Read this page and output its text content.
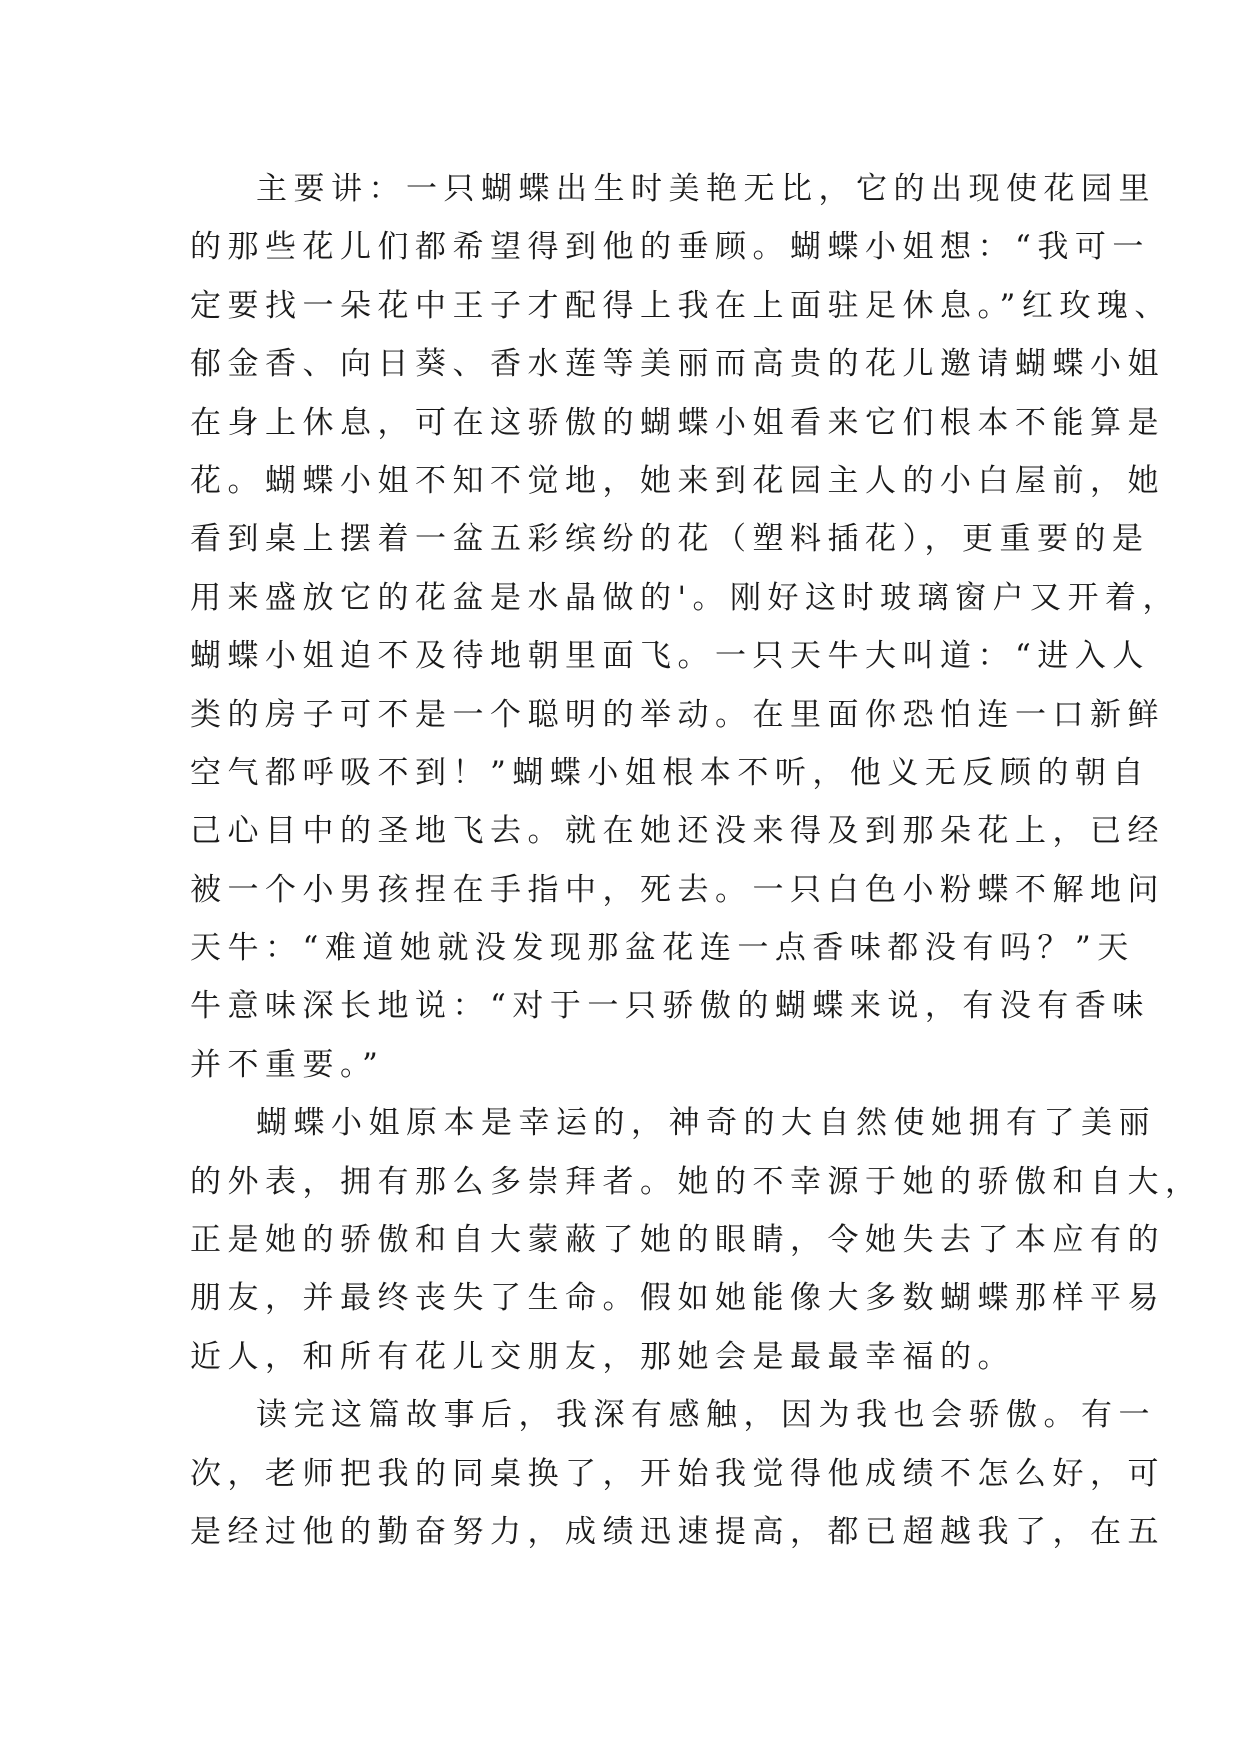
主要讲：一只蝴蝶出生时美艳无比，它的出现使花园里
的那些花儿们都希望得到他的垂顾。蝴蝶小姐想：“我可一
定要找一朵花中王子才配得上我在上面驻足休息。”红玫瑰、
郁金香、向日葵、香水莲等美丽而高贵的花儿邀请蝴蝶小姐
在身上休息，可在这骄傲的蝴蝶小姐看来它们根本不能算是
花。蝴蝶小姐不知不觉地，她来到花园主人的小白屋前，她
看到桌上摆着一盆五彩缤纷的花（塑料插花），更重要的是
用来盛放它的花盆是水晶做的'。刚好这时玻璃窗户又开着，
蝴蝶小姐迫不及待地朝里面飞。一只天牛大叫道：“进入人
类的房子可不是一个聪明的举动。在里面你恐怕连一口新鲜
空气都呼吸不到！”蝴蝶小姐根本不听，他义无反顾的朝自
己心目中的圣地飞去。就在她还没来得及到那朵花上，已经
被一个小男孩捏在手指中，死去。一只白色小粉蝶不解地问
天牛：“难道她就没发现那盆花连一点香味都没有吗？”天
牛意味深长地说：“对于一只骄傲的蝴蝶来说，有没有香味
并不重要。”
蝴蝶小姐原本是幸运的，神奇的大自然使她拥有了美丽
的外表，拥有那么多崇拜者。她的不幸源于她的骄傲和自大，
正是她的骄傲和自大蒙蔽了她的眼睛，令她失去了本应有的
朋友，并最终丧失了生命。假如她能像大多数蝴蝶那样平易
近人，和所有花儿交朋友，那她会是最最幸福的。
读完这篇故事后，我深有感触，因为我也会骄傲。有一
次，老师把我的同桌换了，开始我觉得他成绩不怎么好，可
是经过他的勤奋努力，成绩迅速提高，都已超越我了，在五
